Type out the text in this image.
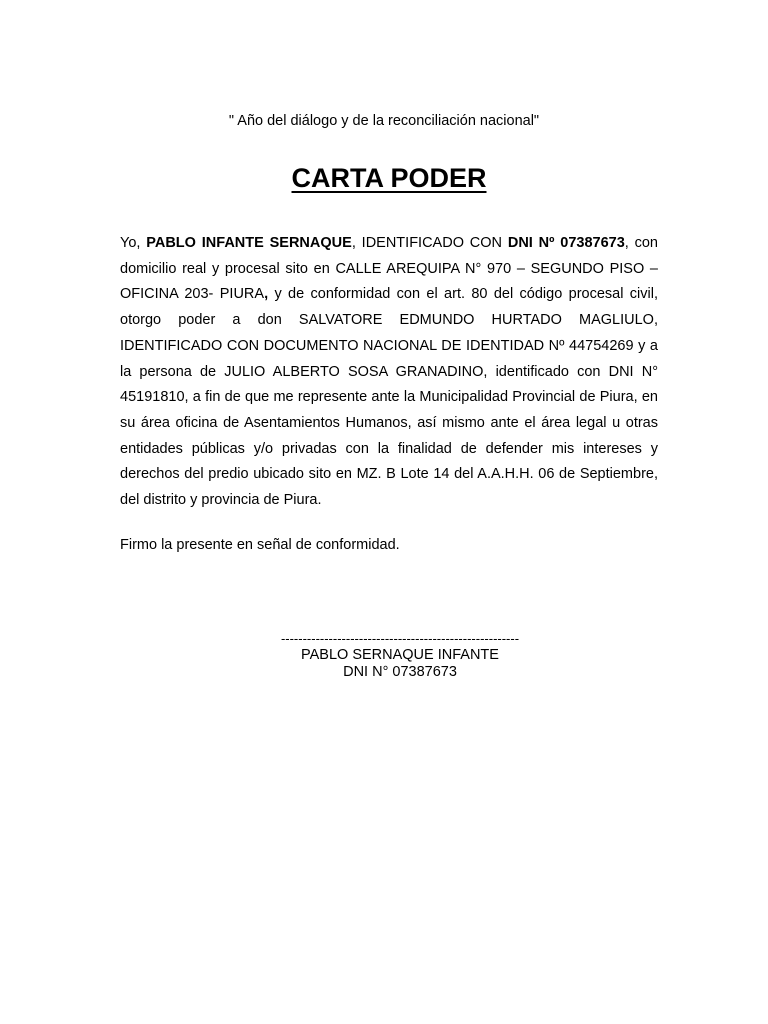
" Año del diálogo y de la reconciliación nacional"
CARTA PODER
Yo, PABLO INFANTE SERNAQUE, IDENTIFICADO CON DNI Nº 07387673, con domicilio real y procesal sito en CALLE AREQUIPA N° 970 – SEGUNDO PISO – OFICINA 203- PIURA, y de conformidad con el art. 80 del código procesal civil, otorgo poder a don SALVATORE EDMUNDO HURTADO MAGLIULO, IDENTIFICADO CON DOCUMENTO NACIONAL DE IDENTIDAD Nº 44754269 y a la persona de JULIO ALBERTO SOSA GRANADINO, identificado con DNI N° 45191810, a fin de que me represente ante la Municipalidad Provincial de Piura, en su área oficina de Asentamientos Humanos, así mismo ante el área legal u otras entidades públicas y/o privadas con la finalidad de defender mis intereses y derechos del predio ubicado sito en MZ. B Lote 14 del A.A.H.H. 06 de Septiembre, del distrito y provincia de Piura.
Firmo la presente en señal de conformidad.
-------------------------------------------------------
PABLO SERNAQUE INFANTE
DNI N° 07387673
